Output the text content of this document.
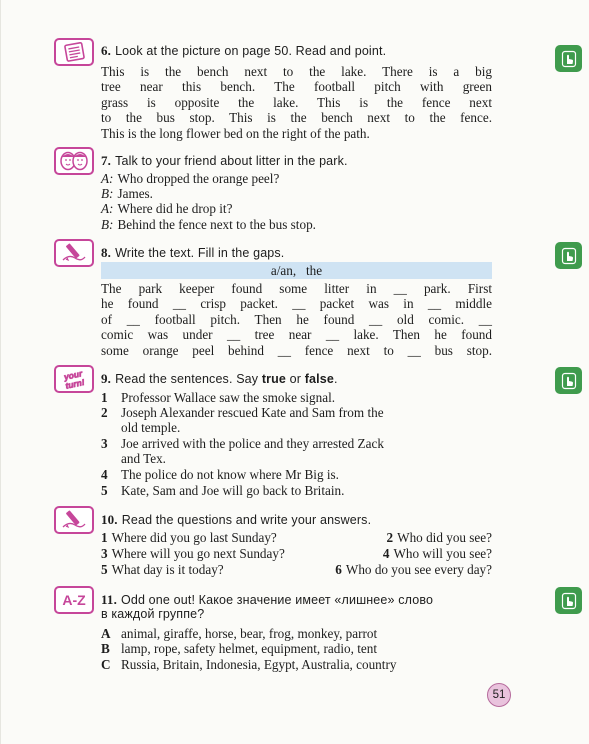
6. Look at the picture on page 50. Read and point.
This is the bench next to the lake. There is a big
tree near this bench. The football pitch with green
grass is opposite the lake. This is the fence next
to the bus stop. This is the bench next to the fence.
This is the long flower bed on the right of the path.
7. Talk to your friend about litter in the park.
A: Who dropped the orange peel?
B: James.
A: Where did he drop it?
B: Behind the fence next to the bus stop.
8. Write the text. Fill in the gaps.
a/an,   the
The park keeper found some litter in __ park. First
he found __ crisp packet. __ packet was in __ middle
of __ football pitch. Then he found __ old comic. __
comic was under __ tree near __ lake. Then he found
some orange peel behind __ fence next to __ bus stop.
your turn!	9. Read the sentences. Say true or false.
1 Professor Wallace saw the smoke signal.
2 Joseph Alexander rescued Kate and Sam from the
old temple.
3 Joe arrived with the police and they arrested Zack
and Tex.
4 The police do not know where Mr Big is.
5 Kate, Sam and Joe will go back to Britain.
10. Read the questions and write your answers.
1 Where did you go last Sunday?	2 Who did you see?
3 Where will you go next Sunday?	4 Who will you see?
5 What day is it today?	6 Who do you see every day?
A-Z 11. Odd one out! Какое значение имеет «лишнее» слово
в каждой группе?
A animal, giraffe, horse, bear, frog, monkey, parrot
B lamp, rope, safety helmet, equipment, radio, tent
C Russia, Britain, Indonesia, Egypt, Australia, country
51
